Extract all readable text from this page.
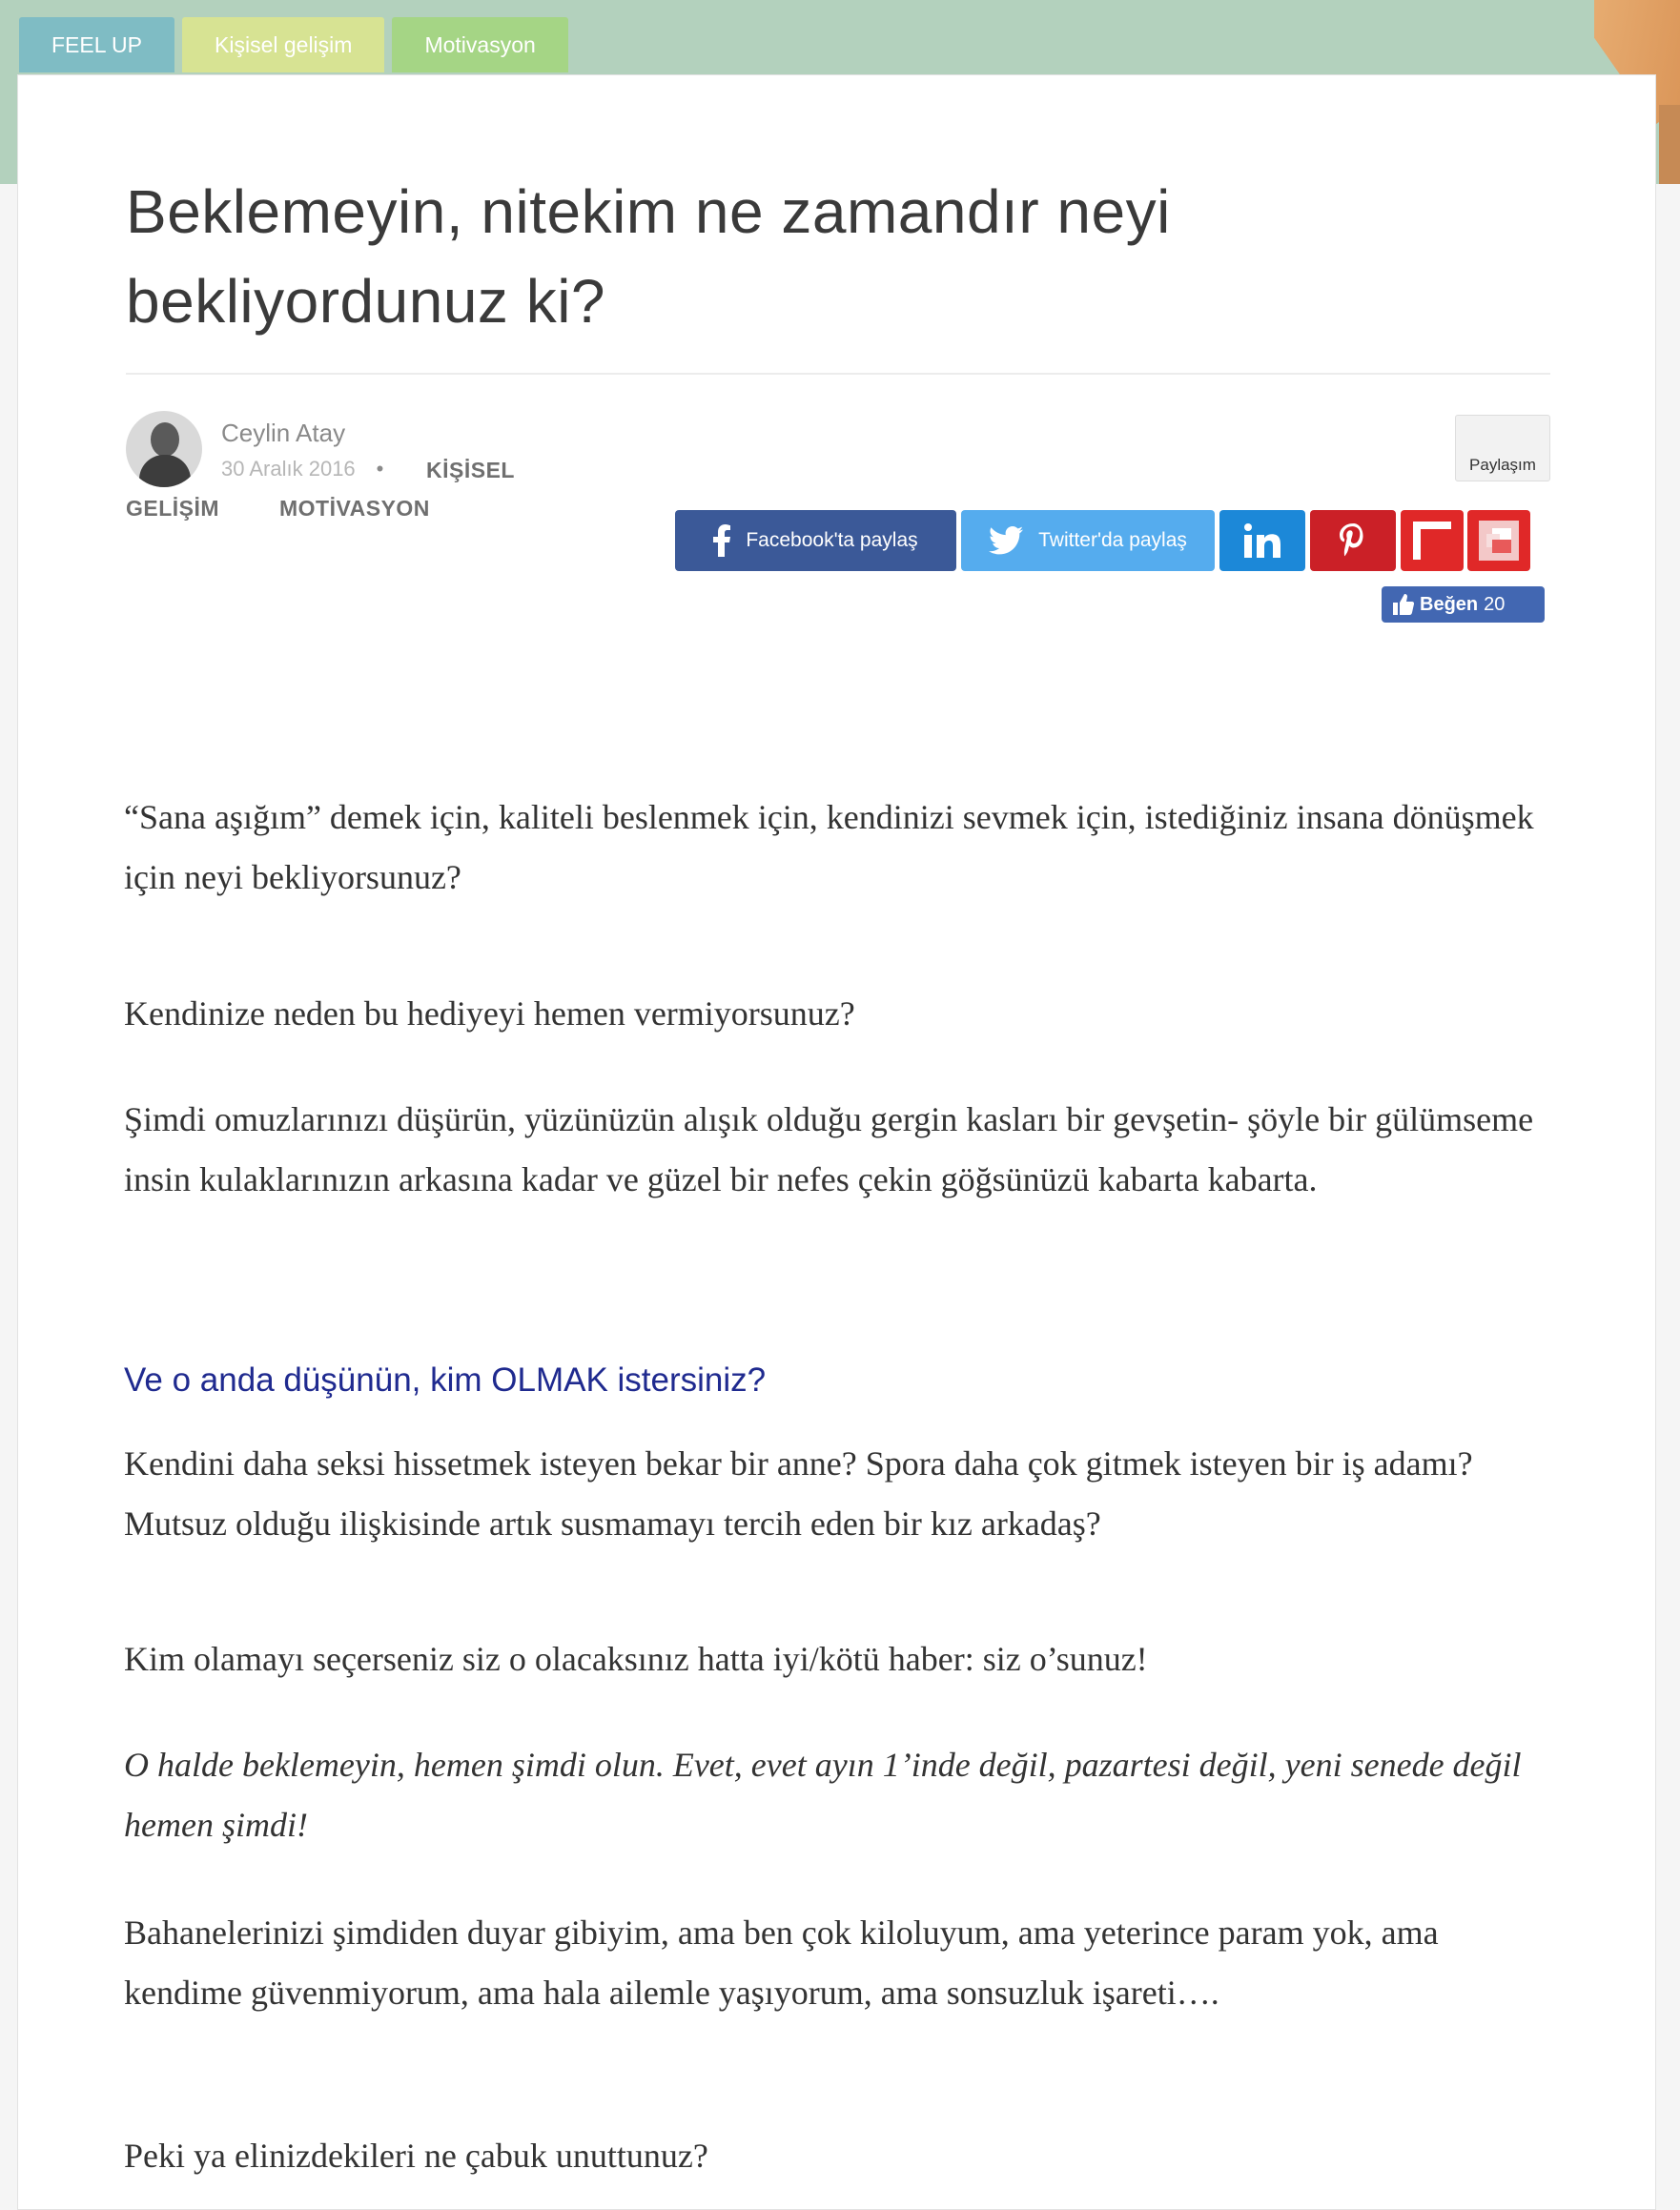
FEEL UP	Kişisel gelişim	Motivasyon
Beklemeyin, nitekim ne zamandır neyi bekliyordunuz ki?
Ceylin Atay
30 Aralık 2016 • KİŞİSEL
GELİŞİM	MOTİVASYON
Paylaşım
Facebook'ta paylaş	Twitter'da paylaş
Beğen 20
“Sana aşığım” demek için, kaliteli beslenmek için, kendinizi sevmek için, istediğiniz insana dönüşmek için neyi bekliyorsunuz?
Kendinize neden bu hediyeyi hemen vermiyorsunuz?
Şimdi omuzlarınızı düşürün, yüzünüzün alışık olduğu gergin kasları bir gevşetin- şöyle bir gülümseme insin kulaklarınızın arkasına kadar ve güzel bir nefes çekin göğsünüzü kabarta kabarta.
Ve o anda düşünün, kim OLMAK istersiniz?
Kendini daha seksi hissetmek isteyen bekar bir anne? Spora daha çok gitmek isteyen bir iş adamı? Mutsuz olduğu ilişkisinde artık susmamayı tercih eden bir kız arkadaş?
Kim olamayı seçerseniz siz o olacaksınız hatta iyi/kötü haber: siz o’sunuz!
O halde beklemeyin, hemen şimdi olun. Evet, evet ayın 1’inde değil, pazartesi değil, yeni senede değil hemen şimdi!
Bahanelerinizi şimdiden duyar gibiyim, ama ben çok kiloluyum, ama yeterince param yok, ama kendime güvenmiyorum, ama hala ailemle yaşıyorum, ama sonsuzluk işareti….
Peki ya elinizdekileri ne çabuk unuttunuz?
